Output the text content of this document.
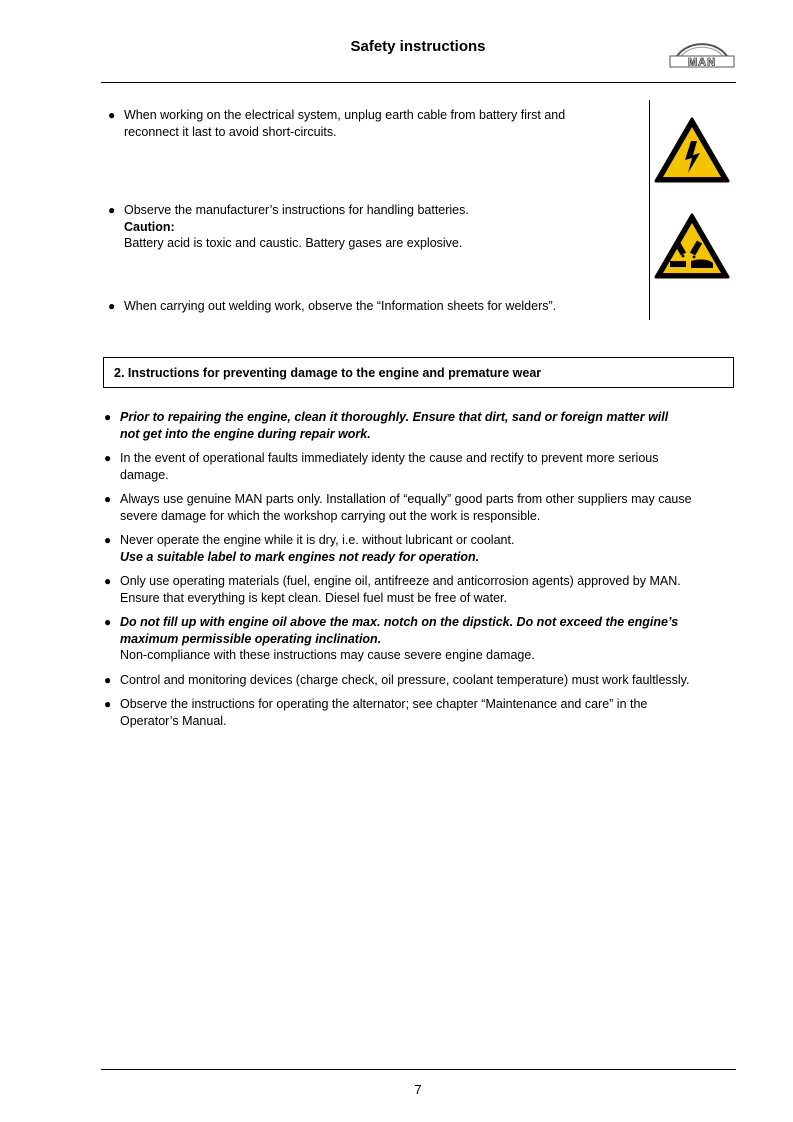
Safety instructions
MAN
● When working on the electrical system, unplug earth cable from battery first and
reconnect it last to avoid short-circuits.
● Observe the manufacturer’s instructions for handling batteries.
Caution:
Battery acid is toxic and caustic. Battery gases are explosive.
● When carrying out welding work, observe the “Information sheets for welders”.
2. Instructions for preventing damage to the engine and premature wear
● Prior to repairing the engine, clean it thoroughly. Ensure that dirt, sand or foreign matter will
not get into the engine during repair work.
● In the event of operational faults immediately identy the cause and rectify to prevent more serious
damage.
● Always use genuine MAN parts only. Installation of “equally” good parts from other suppliers may cause
severe damage for which the workshop carrying out the work is responsible.
● Never operate the engine while it is dry, i.e. without lubricant or coolant.
Use a suitable label to mark engines not ready for operation.
● Only use operating materials (fuel, engine oil, antifreeze and anticorrosion agents) approved by MAN.
Ensure that everything is kept clean. Diesel fuel must be free of water.
● Do not fill up with engine oil above the max. notch on the dipstick. Do not exceed the engine’s
maximum permissible operating inclination.
Non-compliance with these instructions may cause severe engine damage.
● Control and monitoring devices (charge check, oil pressure, coolant temperature) must work faultlessly.
● Observe the instructions for operating the alternator; see chapter “Maintenance and care” in the
Operator’s Manual.
7
